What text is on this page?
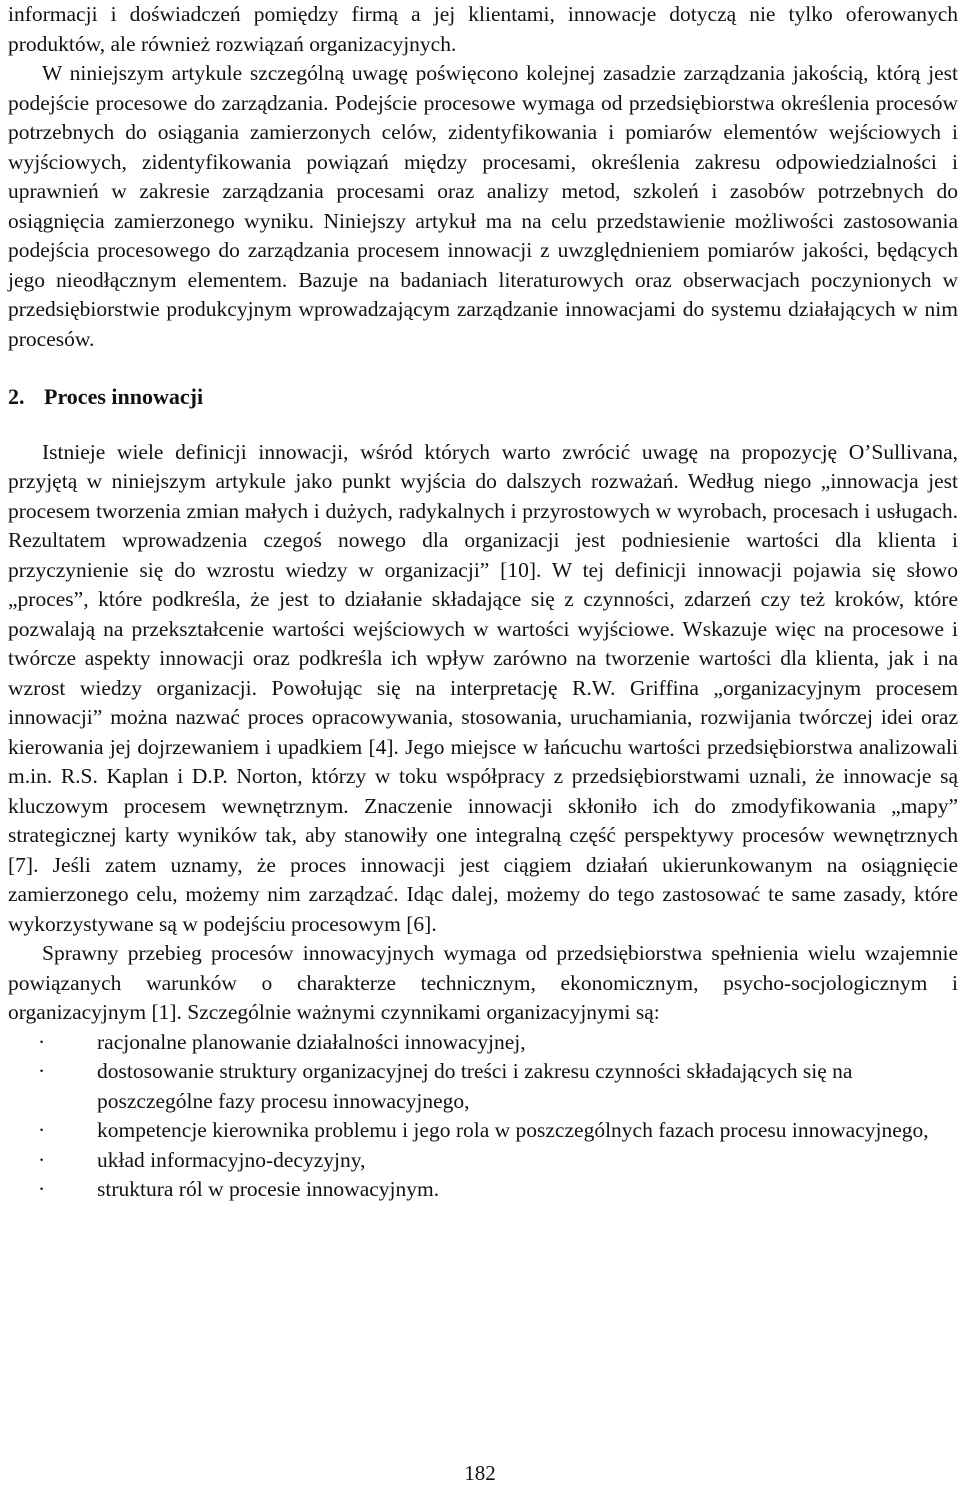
informacji i doświadczeń pomiędzy firmą a jej klientami, innowacje dotyczą nie tylko oferowanych produktów, ale również rozwiązań organizacyjnych.

W niniejszym artykule szczególną uwagę poświęcono kolejnej zasadzie zarządzania jakością, którą jest podejście procesowe do zarządzania. Podejście procesowe wymaga od przedsiębiorstwa określenia procesów potrzebnych do osiągania zamierzonych celów, zidentyfikowania i pomiarów elementów wejściowych i wyjściowych, zidentyfikowania powiązań między procesami, określenia zakresu odpowiedzialności i uprawnień w zakresie zarządzania procesami oraz analizy metod, szkoleń i zasobów potrzebnych do osiągnięcia zamierzonego wyniku. Niniejszy artykuł ma na celu przedstawienie możliwości zastosowania podejścia procesowego do zarządzania procesem innowacji z uwzględnieniem pomiarów jakości, będących jego nieodłącznym elementem. Bazuje na badaniach literaturowych oraz obserwacjach poczynionych w przedsiębiorstwie produkcyjnym wprowadzającym zarządzanie innowacjami do systemu działających w nim procesów.

2. Proces innowacji

Istnieje wiele definicji innowacji, wśród których warto zwrócić uwagę na propozycję O’Sullivana, przyjętą w niniejszym artykule jako punkt wyjścia do dalszych rozważań. Według niego „innowacja jest procesem tworzenia zmian małych i dużych, radykalnych i przyrostowych w wyrobach, procesach i usługach. Rezultatem wprowadzenia czegoś nowego dla organizacji jest podniesienie wartości dla klienta i przyczynienie się do wzrostu wiedzy w organizacji” [10]. W tej definicji innowacji pojawia się słowo „proces”, które podkreśla, że jest to działanie składające się z czynności, zdarzeń czy też kroków, które pozwalają na przekształcenie wartości wejściowych w wartości wyjściowe. Wskazuje więc na procesowe i twórcze aspekty innowacji oraz podkreśla ich wpływ zarówno na tworzenie wartości dla klienta, jak i na wzrost wiedzy organizacji. Powołując się na interpretację R.W. Griffina „organizacyjnym procesem innowacji” można nazwać proces opracowywania, stosowania, uruchamiania, rozwijania twórczej idei oraz kierowania jej dojrzewaniem i upadkiem [4]. Jego miejsce w łańcuchu wartości przedsiębiorstwa analizowali m.in. R.S. Kaplan i D.P. Norton, którzy w toku współpracy z przedsiębiorstwami uznali, że innowacje są kluczowym procesem wewnętrznym. Znaczenie innowacji skłoniło ich do zmodyfikowania „mapy” strategicznej karty wyników tak, aby stanowiły one integralną część perspektywy procesów wewnętrznych [7]. Jeśli zatem uznamy, że proces innowacji jest ciągiem działań ukierunkowanym na osiągnięcie zamierzonego celu, możemy nim zarządzać. Idąc dalej, możemy do tego zastosować te same zasady, które wykorzystywane są w podejściu procesowym [6].

Sprawny przebieg procesów innowacyjnych wymaga od przedsiębiorstwa spełnienia wielu wzajemnie powiązanych warunków o charakterze technicznym, ekonomicznym, psycho-socjologicznym i organizacyjnym [1]. Szczególnie ważnymi czynnikami organizacyjnymi są:

· racjonalne planowanie działalności innowacyjnej,
· dostosowanie struktury organizacyjnej do treści i zakresu czynności składających się na poszczególne fazy procesu innowacyjnego,
· kompetencje kierownika problemu i jego rola w poszczególnych fazach procesu innowacyjnego,
· układ informacyjno-decyzyjny,
· struktura ról w procesie innowacyjnym.
182
